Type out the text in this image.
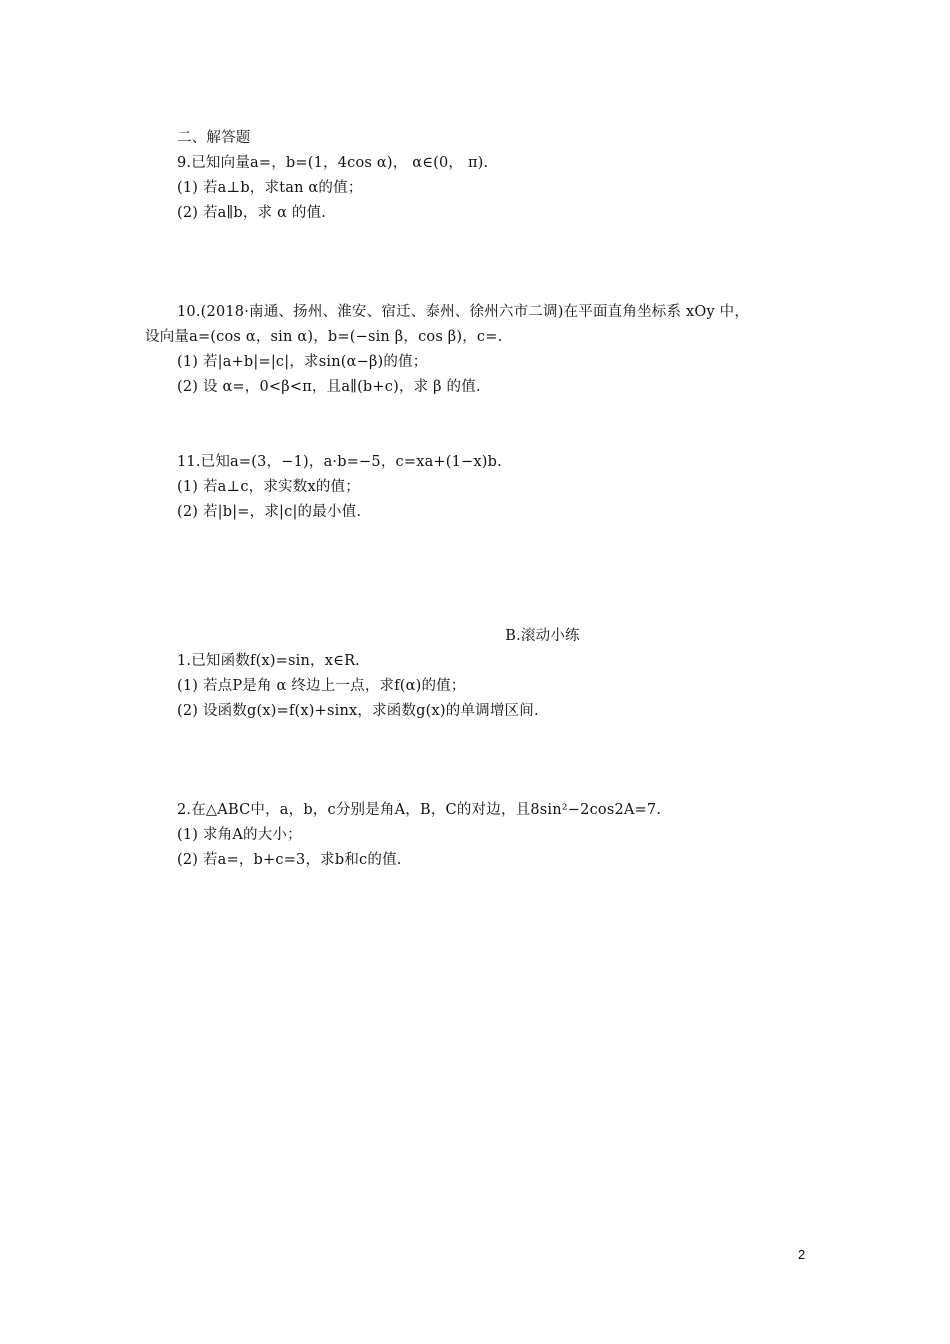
二、解答题
9.已知向量a=，b=(1，4cos α)， α∈(0， π).
(1) 若a⊥b，求tan α的值；
(2) 若a∥b，求 α 的值.
10.(2018·南通、扬州、淮安、宿迁、泰州、徐州六市二调)在平面直角坐标系 xOy 中，
设向量a=(cos α，sin α)，b=(−sin β，cos β)，c=.
(1) 若|a+b|=|c|，求sin(α−β)的值；
(2) 设 α=，0<β<π，且a∥(b+c)，求 β 的值.
11.已知a=(3，−1)，a·b=−5，c=xa+(1−x)b.
(1) 若a⊥c，求实数x的值；
(2) 若|b|=，求|c|的最小值.
B.滚动小练
1.已知函数f(x)=sin，x∈R.
(1) 若点P是角 α 终边上一点，求f(α)的值；
(2) 设函数g(x)=f(x)+sinx，求函数g(x)的单调增区间.
2.在△ABC中，a，b，c分别是角A，B，C的对边，且8sin²−2cos2A=7.
(1) 求角A的大小；
(2) 若a=，b+c=3，求b和c的值.
2
